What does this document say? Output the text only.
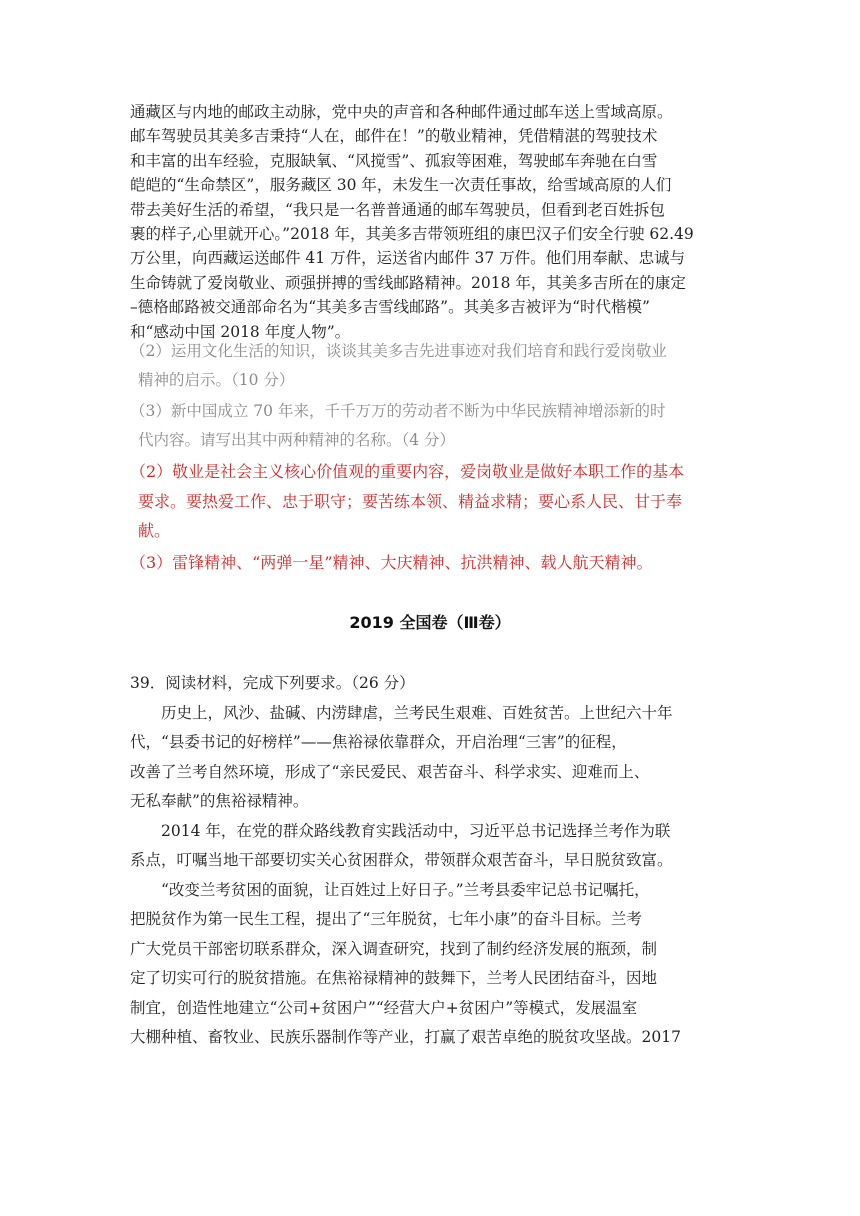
通藏区与内地的邮政主动脉，党中央的声音和各种邮件通过邮车送上雪域高原。

邮车驾驶员其美多吉秉持“人在，邮件在！”的敬业精神，凭借精湛的驾驶技术

和丰富的出车经验，克服缺氧、“风搅雪”、孤寂等困难，驾驶邮车奔驰在白雪

皑皑的“生命禁区”，服务藏区 30 年，未发生一次责任事故，给雪域高原的人们

带去美好生活的希望，“我只是一名普普通通的邮车驾驶员，但看到老百姓拆包

裹的样子,心里就开心。”2018 年，其美多吉带领班组的康巴汉子们安全行驶 62.49

万公里，向西藏运送邮件 41 万件，运送省内邮件 37 万件。他们用奉献、忠诚与

生命铸就了爱岗敬业、顽强拼搏的雪线邮路精神。2018 年，其美多吉所在的康定

–德格邮路被交通部命名为“其美多吉雪线邮路”。其美多吉被评为“时代楷模”

和“感动中国 2018 年度人物”。

（2）运用文化生活的知识，谈谈其美多吉先进事迹对我们培育和践行爱岗敬业

精神的启示。（10 分）

（3）新中国成立 70 年来，千千万万的劳动者不断为中华民族精神增添新的时

代内容。请写出其中两种精神的名称。（4 分）

（2）敬业是社会主义核心价值观的重要内容，爱岗敬业是做好本职工作的基本

要求。要热爱工作、忠于职守；要苦练本领、精益求精；要心系人民、甘于奉

献。

（3）雷锋精神、“两弹一星”精神、大庆精神、抗洪精神、载人航天精神。

2019 全国卷（Ⅲ卷）

39．阅读材料，完成下列要求。（26 分）

历史上，风沙、盐碱、内涝肆虐，兰考民生艰难、百姓贫苦。上世纪六十年

代，“县委书记的好榜样”——焦裕禄依靠群众，开启治理“三害”的征程，

改善了兰考自然环境，形成了“亲民爱民、艰苦奋斗、科学求实、迎难而上、

无私奉献”的焦裕禄精神。

2014 年，在党的群众路线教育实践活动中，习近平总书记选择兰考作为联

系点，叮嘱当地干部要切实关心贫困群众，带领群众艰苦奋斗，早日脱贫致富。

“改变兰考贫困的面貌，让百姓过上好日子。”兰考县委牢记总书记嘱托，

把脱贫作为第一民生工程，提出了“三年脱贫，七年小康”的奋斗目标。兰考

广大党员干部密切联系群众，深入调查研究，找到了制约经济发展的瓶颈，制

定了切实可行的脱贫措施。在焦裕禄精神的鼓舞下，兰考人民团结奋斗，因地

制宜，创造性地建立“公司+贫困户”“经营大户+贫困户”等模式，发展温室

大棚种植、畜牧业、民族乐器制作等产业，打赢了艰苦卓绝的脱贫攻坚战。2017
